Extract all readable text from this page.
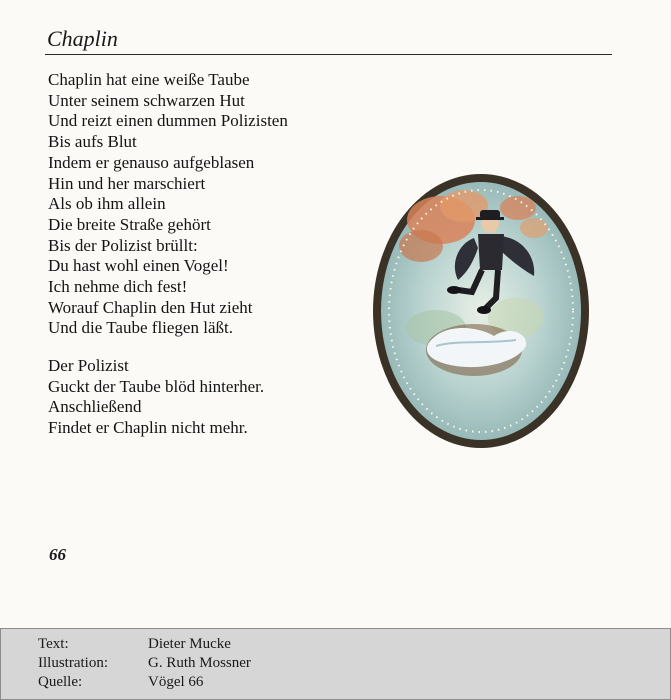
Chaplin
Chaplin hat eine weiße Taube
Unter seinem schwarzen Hut
Und reizt einen dummen Polizisten
Bis aufs Blut
Indem er genauso aufgeblasen
Hin und her marschiert
Als ob ihm allein
Die breite Straße gehört
Bis der Polizist brüllt:
Du hast wohl einen Vogel!
Ich nehme dich fest!
Worauf Chaplin den Hut zieht
Und die Taube fliegen läßt.
Der Polizist
Guckt der Taube blöd hinterher.
Anschließend
Findet er Chaplin nicht mehr.
66
Text:	Dieter Mucke
Illustration:	G. Ruth Mossner
Quelle:	Vögel 66
